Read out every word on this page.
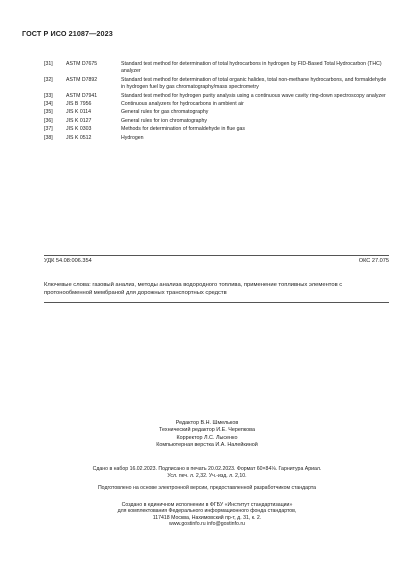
ГОСТ Р ИСО 21087—2023
[31]	ASTM D7675	Standard test method for determination of total hydrocarbons in hydrogen by FID-Based Total Hydrocarbon (THC) analyzer
[32]	ASTM D7892	Standard test method for determination of total organic halides, total non-methane hydrocarbons, and formaldehyde in hydrogen fuel by gas chromatography/mass spectrometry
[33]	ASTM D7941	Standard test method for hydrogen purity analysis using a continuous wave cavity ring-down spectroscopy analyzer
[34]	JIS B 7956	Continuous analyzers for hydrocarbons in ambient air
[35]	JIS K 0114	General rules for gas chromatography
[36]	JIS K 0127	General rules for ion chromatography
[37]	JIS K 0303	Methods for determination of formaldehyde in flue gas
[38]	JIS K 0512	Hydrogen
УДК 54.08:006.354	ОКС 27.075
Ключевые слова: газовый анализ, методы анализа водородного топлива, применение топливных элементов с протонообменной мембраной для дорожных транспортных средств
Редактор В.Н. Шмельков
Технический редактор И.Е. Черепкова
Корректор Л.С. Лысенко
Компьютерная верстка И.А. Налейкиной
Сдано в набор 16.02.2023. Подписано в печать 20.02.2023. Формат 60×84⅛. Гарнитура Ариал.
Усл. печ. л. 2,32. Уч.-изд. л. 2,10.
Подготовлено на основе электронной версии, предоставленной разработчиком стандарта
Создано в единичном исполнении в ФГБУ «Институт стандартизации»
для комплектования Федерального информационного фонда стандартов,
117418 Москва, Нахимовский пр-т, д. 31, к. 2.
www.gostinfo.ru info@gostinfo.ru
